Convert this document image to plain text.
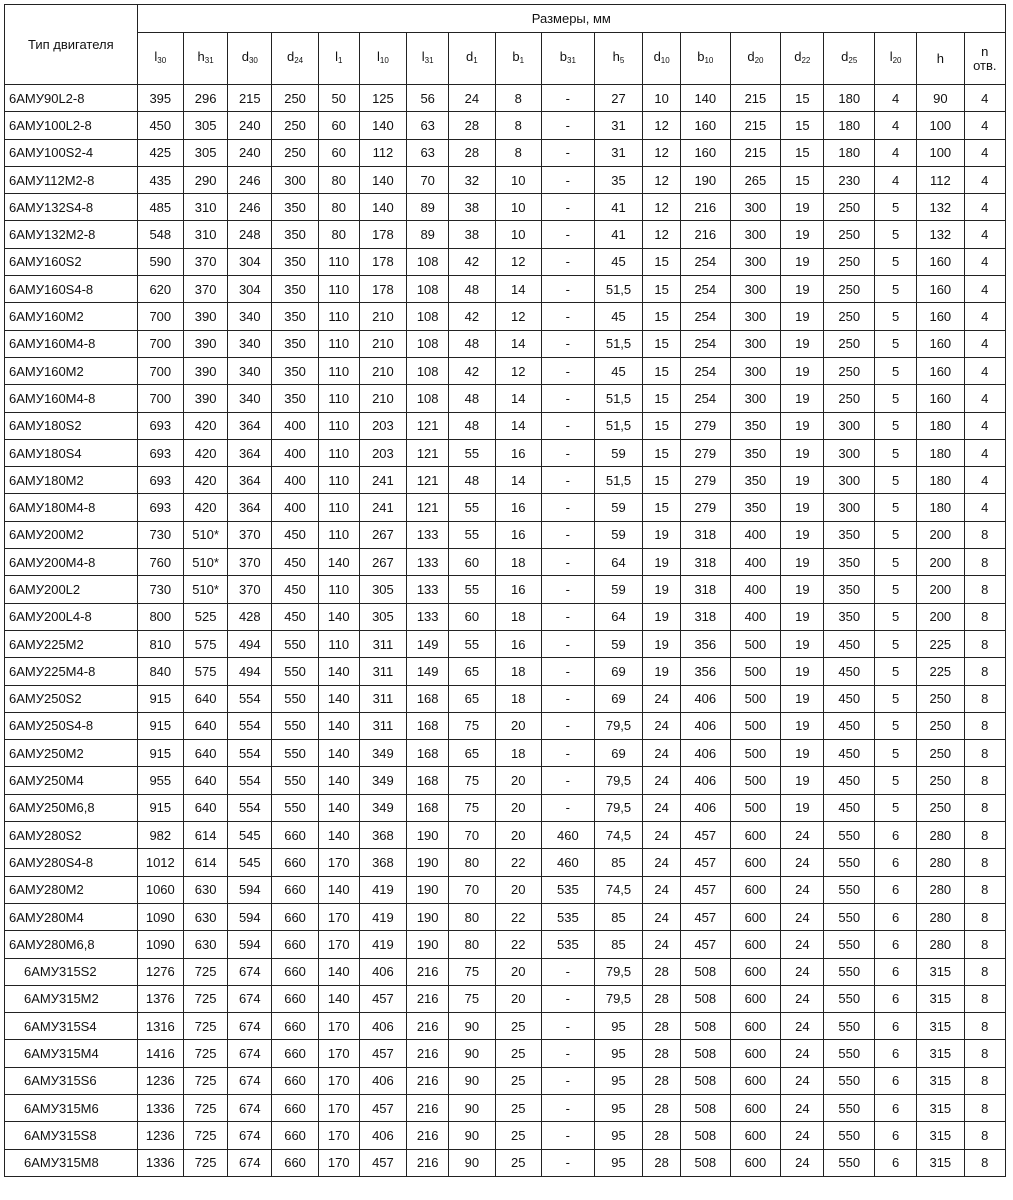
Тип двигателя	Размеры, мм																		
	$l_{30}$	$h_{31}$	$d_{30}$	$d_{24}$	$l_1$	$l_{10}$	$l_{31}$	$d_1$	$b_1$	$b_{31}$	$h_5$	$d_{10}$	$b_{10}$	$d_{20}$	$d_{22}$	$d_{25}$	$l_{20}$	h	n
отв.
6АМУ90L2-8	395	296	215	250	50	125	56	24	8	-	27	10	140	215	15	180	4	90	4
6АМУ100L2-8	450	305	240	250	60	140	63	28	8	-	31	12	160	215	15	180	4	100	4
6АМУ100S2-4	425	305	240	250	60	112	63	28	8	-	31	12	160	215	15	180	4	100	4
6АМУ112M2-8	435	290	246	300	80	140	70	32	10	-	35	12	190	265	15	230	4	112	4
6АМУ132S4-8	485	310	246	350	80	140	89	38	10	-	41	12	216	300	19	250	5	132	4
6АМУ132M2-8	548	310	248	350	80	178	89	38	10	-	41	12	216	300	19	250	5	132	4
6АМУ160S2	590	370	304	350	110	178	108	42	12	-	45	15	254	300	19	250	5	160	4
6АМУ160S4-8	620	370	304	350	110	178	108	48	14	-	51,5	15	254	300	19	250	5	160	4
6АМУ160M2	700	390	340	350	110	210	108	42	12	-	45	15	254	300	19	250	5	160	4
6АМУ160M4-8	700	390	340	350	110	210	108	48	14	-	51,5	15	254	300	19	250	5	160	4
6АМУ160M2	700	390	340	350	110	210	108	42	12	-	45	15	254	300	19	250	5	160	4
6АМУ160M4-8	700	390	340	350	110	210	108	48	14	-	51,5	15	254	300	19	250	5	160	4
6АМУ180S2	693	420	364	400	110	203	121	48	14	-	51,5	15	279	350	19	300	5	180	4
6АМУ180S4	693	420	364	400	110	203	121	55	16	-	59	15	279	350	19	300	5	180	4
6АМУ180M2	693	420	364	400	110	241	121	48	14	-	51,5	15	279	350	19	300	5	180	4
6АМУ180M4-8	693	420	364	400	110	241	121	55	16	-	59	15	279	350	19	300	5	180	4
6АМУ200M2	730	510*	370	450	110	267	133	55	16	-	59	19	318	400	19	350	5	200	8
6АМУ200M4-8	760	510*	370	450	140	267	133	60	18	-	64	19	318	400	19	350	5	200	8
6АМУ200L2	730	510*	370	450	110	305	133	55	16	-	59	19	318	400	19	350	5	200	8
6АМУ200L4-8	800	525	428	450	140	305	133	60	18	-	64	19	318	400	19	350	5	200	8
6АМУ225M2	810	575	494	550	110	311	149	55	16	-	59	19	356	500	19	450	5	225	8
6АМУ225M4-8	840	575	494	550	140	311	149	65	18	-	69	19	356	500	19	450	5	225	8
6АМУ250S2	915	640	554	550	140	311	168	65	18	-	69	24	406	500	19	450	5	250	8
6АМУ250S4-8	915	640	554	550	140	311	168	75	20	-	79,5	24	406	500	19	450	5	250	8
6АМУ250M2	915	640	554	550	140	349	168	65	18	-	69	24	406	500	19	450	5	250	8
6АМУ250M4	955	640	554	550	140	349	168	75	20	-	79,5	24	406	500	19	450	5	250	8
6АМУ250M6,8	915	640	554	550	140	349	168	75	20	-	79,5	24	406	500	19	450	5	250	8
6АМУ280S2	982	614	545	660	140	368	190	70	20	460	74,5	24	457	600	24	550	6	280	8
6АМУ280S4-8	1012	614	545	660	170	368	190	80	22	460	85	24	457	600	24	550	6	280	8
6АМУ280M2	1060	630	594	660	140	419	190	70	20	535	74,5	24	457	600	24	550	6	280	8
6АМУ280M4	1090	630	594	660	170	419	190	80	22	535	85	24	457	600	24	550	6	280	8
6АМУ280M6,8	1090	630	594	660	170	419	190	80	22	535	85	24	457	600	24	550	6	280	8
6АМУ315S2	1276	725	674	660	140	406	216	75	20	-	79,5	28	508	600	24	550	6	315	8
6АМУ315M2	1376	725	674	660	140	457	216	75	20	-	79,5	28	508	600	24	550	6	315	8
6АМУ315S4	1316	725	674	660	170	406	216	90	25	-	95	28	508	600	24	550	6	315	8
6АМУ315M4	1416	725	674	660	170	457	216	90	25	-	95	28	508	600	24	550	6	315	8
6АМУ315S6	1236	725	674	660	170	406	216	90	25	-	95	28	508	600	24	550	6	315	8
6АМУ315M6	1336	725	674	660	170	457	216	90	25	-	95	28	508	600	24	550	6	315	8
6АМУ315S8	1236	725	674	660	170	406	216	90	25	-	95	28	508	600	24	550	6	315	8
6АМУ315M8	1336	725	674	660	170	457	216	90	25	-	95	28	508	600	24	550	6	315	8
